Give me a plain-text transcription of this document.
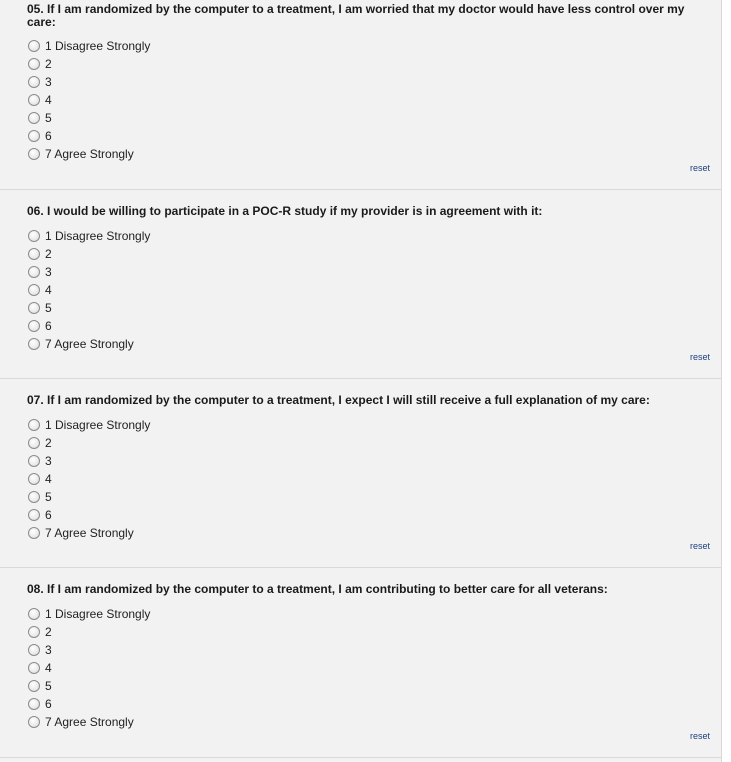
05. If I am randomized by the computer to a treatment, I am worried that my doctor would have less control over my care:
1 Disagree Strongly
2
3
4
5
6
7 Agree Strongly
reset
06. I would be willing to participate in a POC-R study if my provider is in agreement with it:
1 Disagree Strongly
2
3
4
5
6
7 Agree Strongly
reset
07. If I am randomized by the computer to a treatment, I expect I will still receive a full explanation of my care:
1 Disagree Strongly
2
3
4
5
6
7 Agree Strongly
reset
08. If I am randomized by the computer to a treatment, I am contributing to better care for all veterans:
1 Disagree Strongly
2
3
4
5
6
7 Agree Strongly
reset
